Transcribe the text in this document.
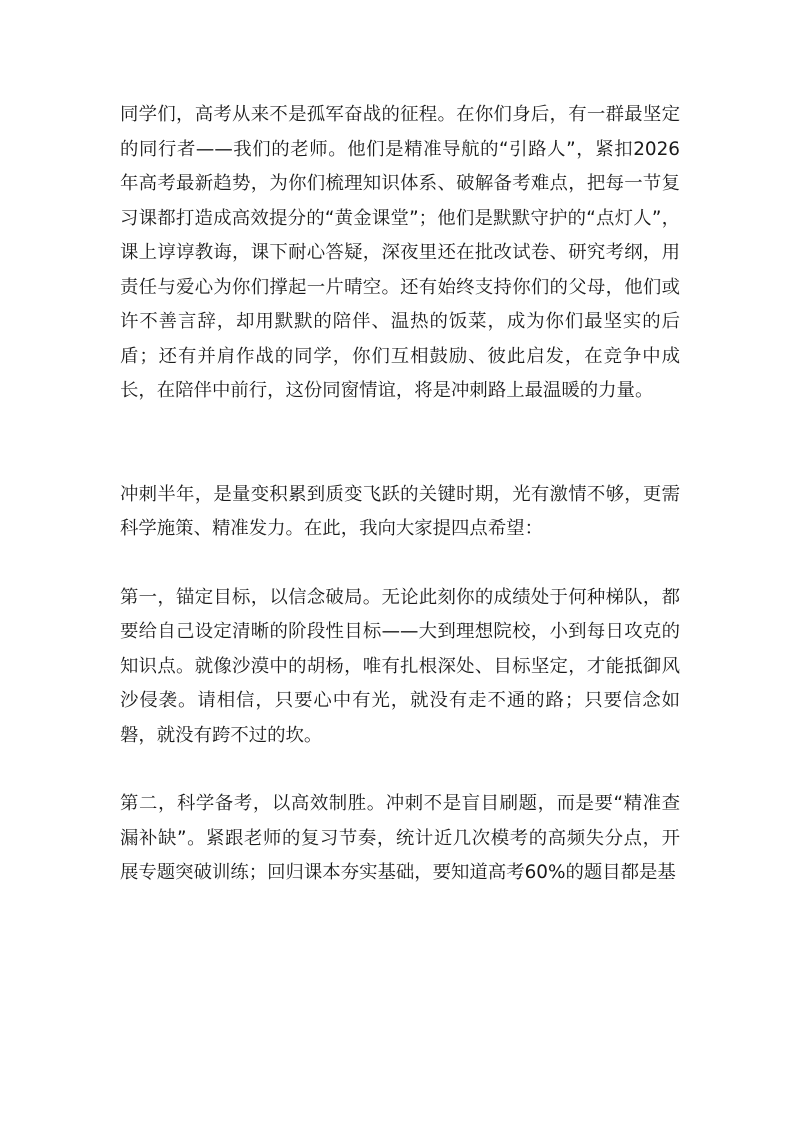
同学们，高考从来不是孤军奋战的征程。在你们身后，有一群最坚定的同行者——我们的老师。他们是精准导航的“引路人”，紧扣2026年高考最新趋势，为你们梳理知识体系、破解备考难点，把每一节复习课都打造成高效提分的“黄金课堂”；他们是默默守护的“点灯人”，课上谆谆教诲，课下耐心答疑，深夜里还在批改试卷、研究考纲，用责任与爱心为你们撑起一片晴空。还有始终支持你们的父母，他们或许不善言辞，却用默默的陪伴、温热的饭菜，成为你们最坚实的后盾；还有并肩作战的同学，你们互相鼓励、彼此启发，在竞争中成长，在陪伴中前行，这份同窗情谊，将是冲刺路上最温暖的力量。

冲刺半年，是量变积累到质变飞跃的关键时期，光有激情不够，更需科学施策、精准发力。在此，我向大家提四点希望：

第一，锚定目标，以信念破局。无论此刻你的成绩处于何种梯队，都要给自己设定清晰的阶段性目标——大到理想院校，小到每日攻克的知识点。就像沙漠中的胡杨，唯有扎根深处、目标坚定，才能抵御风沙侵袭。请相信，只要心中有光，就没有走不通的路；只要信念如磐，就没有跨不过的坎。

第二，科学备考，以高效制胜。冲刺不是盲目刷题，而是要“精准查漏补缺”。紧跟老师的复习节奏，统计近几次模考的高频失分点，开展专题突破训练；回归课本夯实基础，要知道高考60%的题目都是基
